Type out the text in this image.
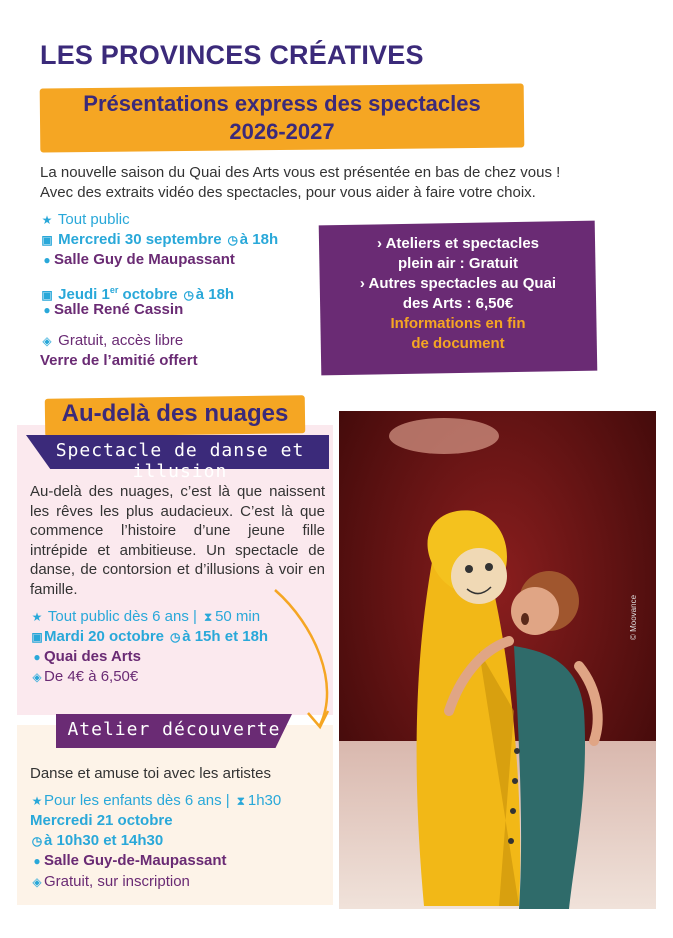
LES PROVINCES CRÉATIVES
Présentations express des spectacles
2026-2027
La nouvelle saison du Quai des Arts vous est présentée en bas de chez vous !
Avec des extraits vidéo des spectacles, pour vous aider à faire votre choix.
★ Tout public
▣ Mercredi 30 septembre ◷ à 18h
● Salle Guy de Maupassant
▣ Jeudi 1er octobre ◷ à 18h
● Salle René Cassin
◈ Gratuit, accès libre
Verre de l’amitié offert
› Ateliers et spectacles
plein air : Gratuit
› Autres spectacles au Quai
des Arts : 6,50€
Informations en fin
de document
Au-delà des nuages
Spectacle de danse et illusion
Au-delà des nuages, c’est là que naissent les rêves les plus audacieux. C’est là que commence l’histoire d’une jeune fille intrépide et ambitieuse. Un spectacle de danse, de contorsion et d’illusions à voir en famille.
★ Tout public dès 6 ans | ⧗ 50 min
▣Mardi 20 octobre ◷ à 15h et 18h
● Quai des Arts
◈ De 4€ à 6,50€
Atelier découverte
Danse et amuse toi avec les artistes
★ Pour les enfants dès 6 ans | ⧗ 1h30
Mercredi 21 octobre
◷ à 10h30 et 14h30
● Salle Guy-de-Maupassant
◈ Gratuit, sur inscription
© Moovance
